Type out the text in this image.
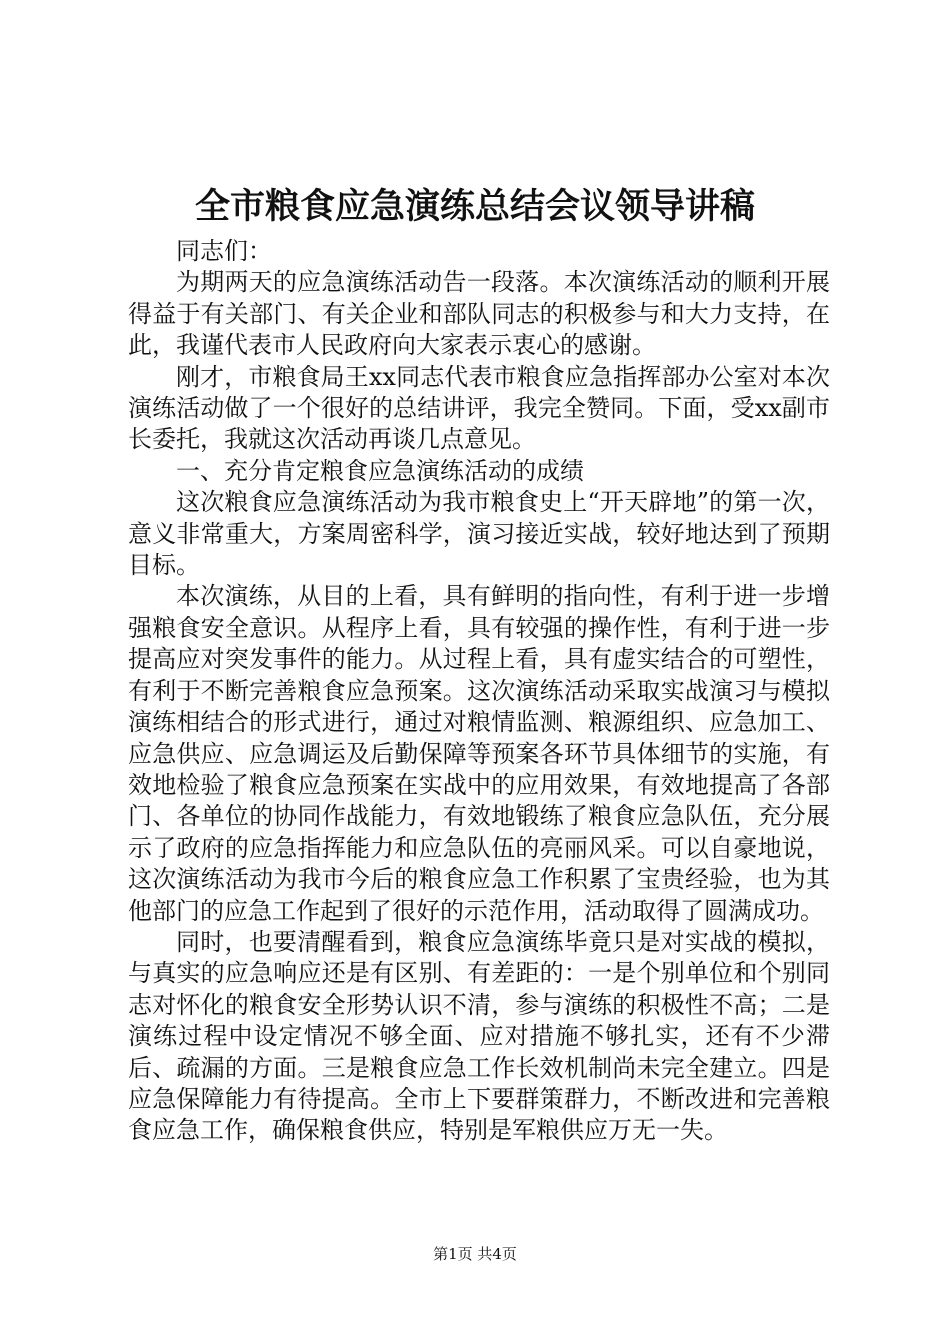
全市粮食应急演练总结会议领导讲稿

同志们：

为期两天的应急演练活动告一段落。本次演练活动的顺利开展得益于有关部门、有关企业和部队同志的积极参与和大力支持，在此，我谨代表市人民政府向大家表示衷心的感谢。

刚才，市粮食局王xx同志代表市粮食应急指挥部办公室对本次演练活动做了一个很好的总结讲评，我完全赞同。下面，受xx副市长委托，我就这次活动再谈几点意见。

一、充分肯定粮食应急演练活动的成绩

这次粮食应急演练活动为我市粮食史上“开天辟地”的第一次，意义非常重大，方案周密科学，演习接近实战，较好地达到了预期目标。

本次演练，从目的上看，具有鲜明的指向性，有利于进一步增强粮食安全意识。从程序上看，具有较强的操作性，有利于进一步提高应对突发事件的能力。从过程上看，具有虚实结合的可塑性，有利于不断完善粮食应急预案。这次演练活动采取实战演习与模拟演练相结合的形式进行，通过对粮情监测、粮源组织、应急加工、应急供应、应急调运及后勤保障等预案各环节具体细节的实施，有效地检验了粮食应急预案在实战中的应用效果，有效地提高了各部门、各单位的协同作战能力，有效地锻练了粮食应急队伍，充分展示了政府的应急指挥能力和应急队伍的亮丽风采。可以自豪地说，这次演练活动为我市今后的粮食应急工作积累了宝贵经验，也为其他部门的应急工作起到了很好的示范作用，活动取得了圆满成功。

同时，也要清醒看到，粮食应急演练毕竟只是对实战的模拟，与真实的应急响应还是有区别、有差距的：一是个别单位和个别同志对怀化的粮食安全形势认识不清，参与演练的积极性不高；二是演练过程中设定情况不够全面、应对措施不够扎实，还有不少滞后、疏漏的方面。三是粮食应急工作长效机制尚未完全建立。四是应急保障能力有待提高。全市上下要群策群力，不断改进和完善粮食应急工作，确保粮食供应，特别是军粮供应万无一失。

第1页 共4页
